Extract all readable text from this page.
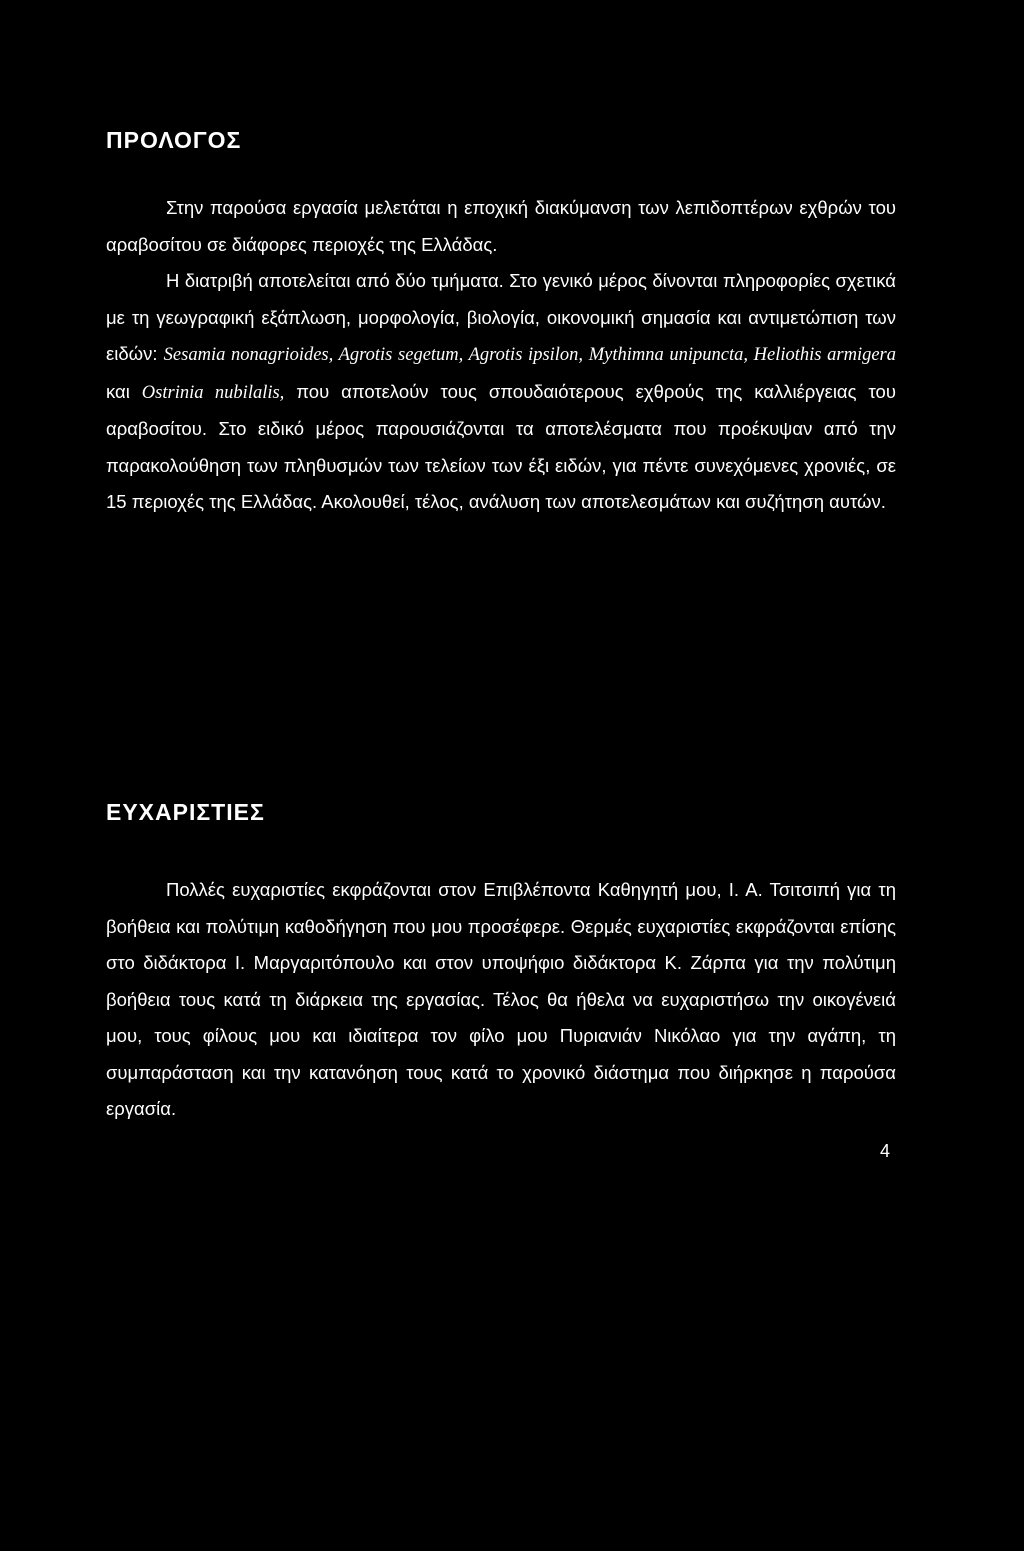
ΠΡΟΛΟΓΟΣ

Στην παρούσα εργασία μελετάται η εποχική διακύμανση των λεπιδοπτέρων εχθρών του αραβοσίτου σε διάφορες περιοχές της Ελλάδας.

Η διατριβή αποτελείται από δύο τμήματα. Στο γενικό μέρος δίνονται πληροφορίες σχετικά με τη γεωγραφική εξάπλωση, μορφολογία, βιολογία, οικονομική σημασία και αντιμετώπιση των ειδών: Sesamia nonagrioides, Agrotis segetum, Agrotis ipsilon, Mythimna unipuncta, Heliothis armigera και Ostrinia nubilalis, που αποτελούν τους σπουδαιότερους εχθρούς της καλλιέργειας του αραβοσίτου. Στο ειδικό μέρος παρουσιάζονται τα αποτελέσματα που προέκυψαν από την παρακολούθηση των πληθυσμών των τελείων των έξι ειδών, για πέντε συνεχόμενες χρονιές, σε 15 περιοχές της Ελλάδας. Ακολουθεί, τέλος, ανάλυση των αποτελεσμάτων και συζήτηση αυτών.

ΕΥΧΑΡΙΣΤΙΕΣ

Πολλές ευχαριστίες εκφράζονται στον Επιβλέποντα Καθηγητή μου, Ι. Α. Τσιτσιπή για τη βοήθεια και πολύτιμη καθοδήγηση που μου προσέφερε. Θερμές ευχαριστίες εκφράζονται επίσης στο διδάκτορα Ι. Μαργαριτόπουλο και στον υποψήφιο διδάκτορα Κ. Ζάρπα για την πολύτιμη βοήθεια τους κατά τη διάρκεια της εργασίας. Τέλος θα ήθελα να ευχαριστήσω την οικογένειά μου, τους φίλους μου και ιδιαίτερα τον φίλο μου Πυριανιάν Νικόλαο για την αγάπη, τη συμπαράσταση και την κατανόηση τους κατά το χρονικό διάστημα που διήρκησε η παρούσα εργασία.

4
